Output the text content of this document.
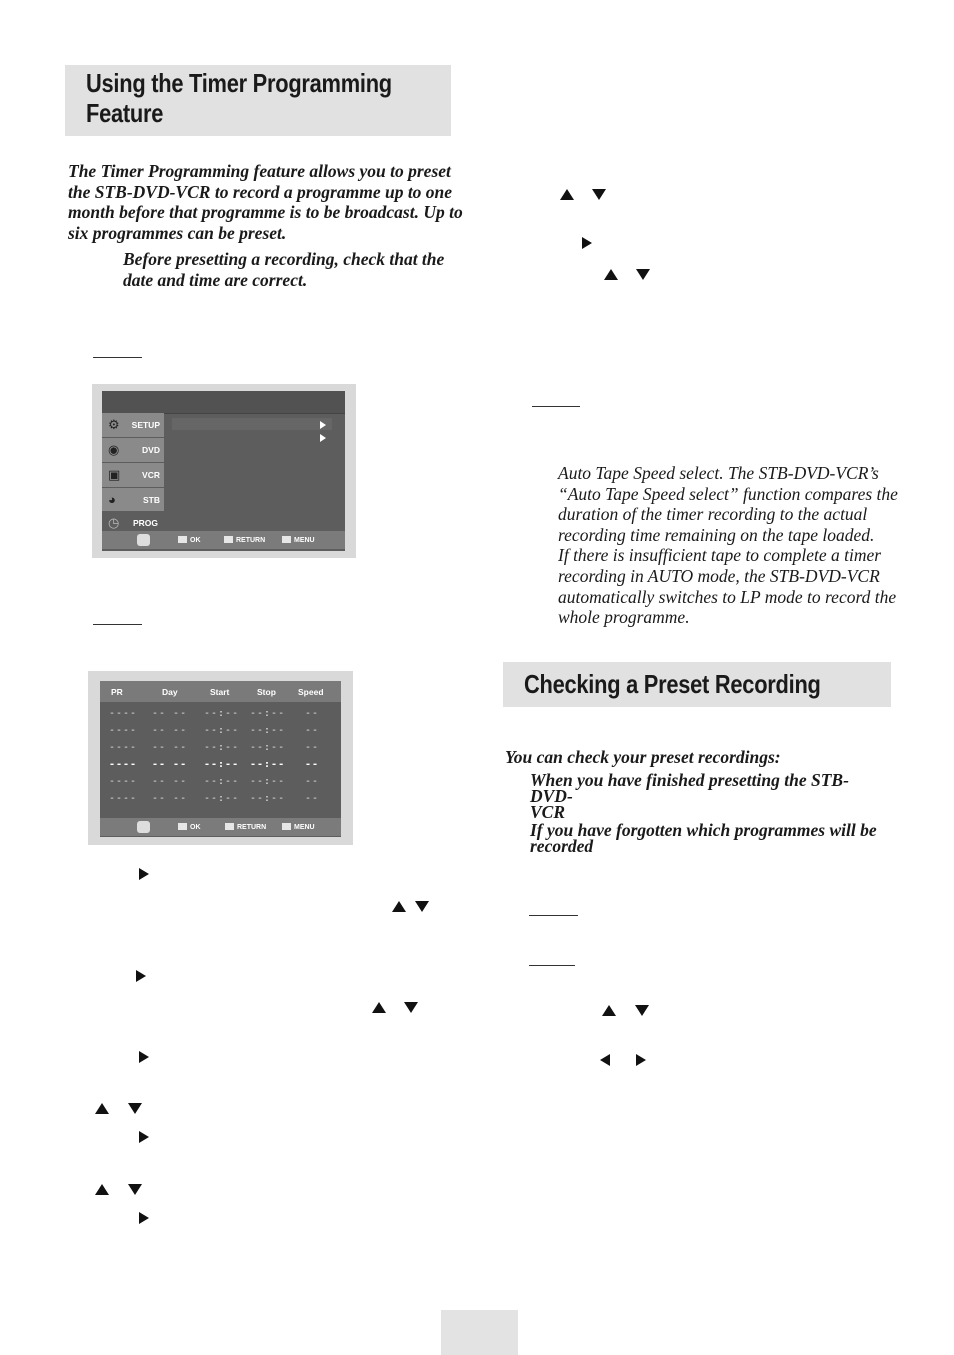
Using the Timer Programming
Feature
The Timer Programming feature allows you to preset
the STB-DVD-VCR to record a programme up to one
month before that programme is to be broadcast. Up to
six programmes can be preset.
Before presetting a recording, check that the
date and time are correct.
⚙	SETUP
◉	DVD
▣	VCR
◕	STB
◷	PROG
OK	RETURN	MENU
PR	Day	Start	Stop	Speed
---- -- -- --:-- --:-- --
---- -- -- --:-- --:-- --
---- -- -- --:-- --:-- --
---- -- -- --:-- --:-- --
---- -- -- --:-- --:-- --
---- -- -- --:-- --:-- --
OK	RETURN	MENU
Auto Tape Speed select. The STB-DVD-VCR’s
“Auto Tape Speed select” function compares the
duration of the timer recording to the actual
recording time remaining on the tape loaded.
If there is insufficient tape to complete a timer
recording in AUTO mode, the STB-DVD-VCR
automatically switches to LP mode to record the
whole programme.
Checking a Preset Recording
You can check your preset recordings:
When you have finished presetting the STB-DVD-
VCR
If you have forgotten which programmes will be
recorded
